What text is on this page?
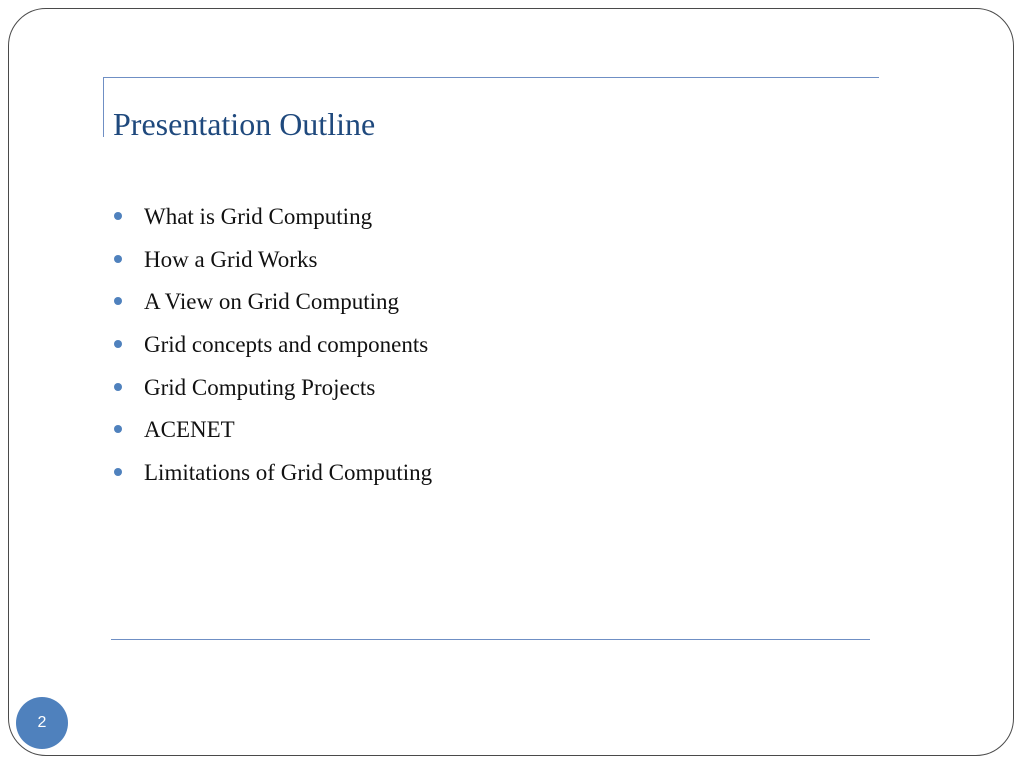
Presentation Outline
What is Grid Computing
How a Grid Works
A View on Grid Computing
Grid concepts and components
Grid Computing Projects
ACENET
Limitations of Grid Computing
2
